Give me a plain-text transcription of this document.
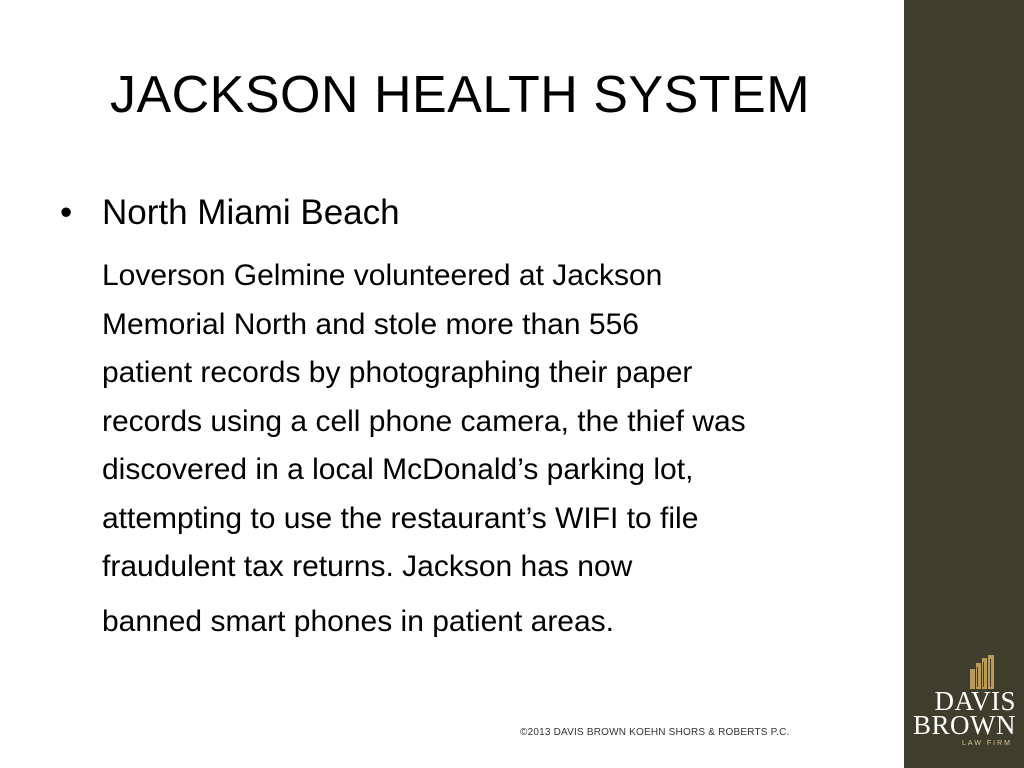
JACKSON HEALTH SYSTEM
• North Miami Beach

Loverson Gelmine volunteered at Jackson
Memorial North and stole more than 556
patient records by photographing their paper
records using a cell phone camera, the thief was
discovered in a local McDonald’s parking lot,
attempting to use the restaurant’s WIFI to file
fraudulent tax returns. Jackson has now
banned smart phones in patient areas.

©2013 DAVIS BROWN KOEHN SHORS & ROBERTS P.C.
DAVIS
BROWN
LAW FIRM
